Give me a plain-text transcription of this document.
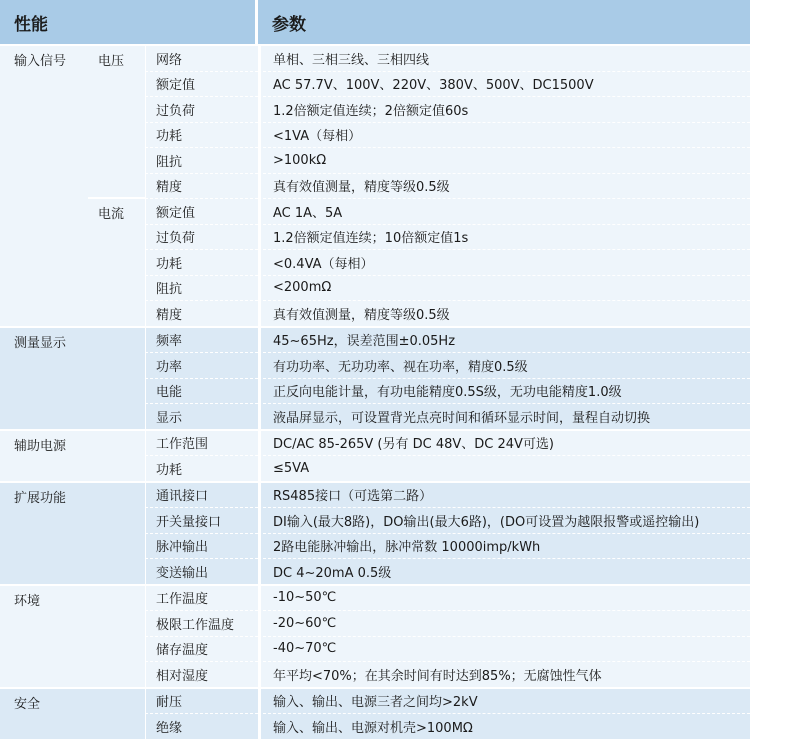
性能			参数
输入信号	电压	网络	单相、三相三线、三相四线
		额定值	AC 57.7V、100V、220V、380V、500V、DC1500V
		过负荷	1.2倍额定值连续；2倍额定值60s
		功耗	<1VA（每相）
		阻抗	>100kΩ
		精度	真有效值测量，精度等级0.5级
	电流	额定值	AC 1A、5A
		过负荷	1.2倍额定值连续；10倍额定值1s
		功耗	<0.4VA（每相）
		阻抗	<200mΩ
		精度	真有效值测量，精度等级0.5级
测量显示		频率	45~65Hz，误差范围±0.05Hz
		功率	有功功率、无功功率、视在功率，精度0.5级
		电能	正反向电能计量，有功电能精度0.5S级，无功电能精度1.0级
		显示	液晶屏显示，可设置背光点亮时间和循环显示时间，量程自动切换
辅助电源		工作范围	DC/AC 85-265V (另有 DC 48V、DC 24V可选)
		功耗	≤5VA
扩展功能		通讯接口	RS485接口（可选第二路）
		开关量接口	DI输入(最大8路)，DO输出(最大6路)，(DO可设置为越限报警或遥控输出)
		脉冲输出	2路电能脉冲输出，脉冲常数 10000imp/kWh
		变送输出	DC 4~20mA 0.5级
环境		工作温度	-10~50℃
		极限工作温度	-20~60℃
		储存温度	-40~70℃
		相对湿度	年平均<70%；在其余时间有时达到85%；无腐蚀性气体
安全		耐压	输入、输出、电源三者之间均>2kV
		绝缘	输入、输出、电源对机壳>100MΩ
